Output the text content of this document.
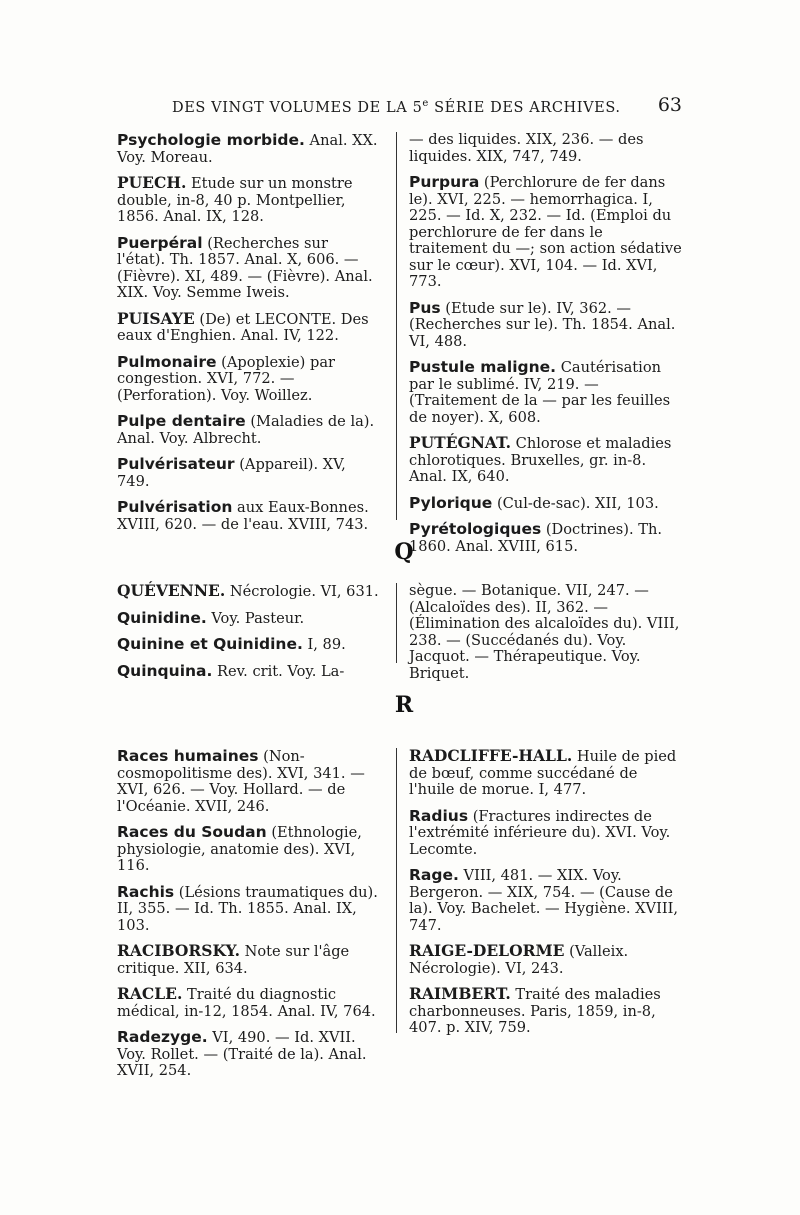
DES VINGT VOLUMES DE LA 5e SÉRIE DES ARCHIVES. 63
Psychologie morbide. Anal. XX. Voy. Moreau.
PUECH. Etude sur un monstre double, in-8, 40 p. Montpellier, 1856. Anal. IX, 128.
Puerpéral (Recherches sur l'état). Th. 1857. Anal. X, 606. — (Fièvre). XI, 489. — (Fièvre). Anal. XIX. Voy. Semme Iweis.
PUISAYE (De) et LECONTE. Des eaux d'Enghien. Anal. IV, 122.
Pulmonaire (Apoplexie) par congestion. XVI, 772. — (Perforation). Voy. Woillez.
Pulpe dentaire (Maladies de la). Anal. Voy. Albrecht.
Pulvérisateur (Appareil). XV, 749.
Pulvérisation aux Eaux-Bonnes. XVIII, 620. — de l'eau. XVIII, 743.
— des liquides. XIX, 236. — des liquides. XIX, 747, 749.
Purpura (Perchlorure de fer dans le). XVI, 225. — hemorrhagica. I, 225. — Id. X, 232. — Id. (Emploi du perchlorure de fer dans le traitement du —; son action sédative sur le cœur). XVI, 104. — Id. XVI, 773.
Pus (Etude sur le). IV, 362. — (Recherches sur le). Th. 1854. Anal. VI, 488.
Pustule maligne. Cautérisation par le sublimé. IV, 219. — (Traitement de la — par les feuilles de noyer). X, 608.
PUTÉGNAT. Chlorose et maladies chlorotiques. Bruxelles, gr. in-8. Anal. IX, 640.
Pylorique (Cul-de-sac). XII, 103.
Pyrétologiques (Doctrines). Th. 1860. Anal. XVIII, 615.
Q
QUÉVENNE. Nécrologie. VI, 631.
Quinidine. Voy. Pasteur.
Quinine et Quinidine. I, 89.
Quinquina. Rev. crit. Voy. La-
sègue. — Botanique. VII, 247. — (Alcaloïdes des). II, 362. — (Élimination des alcaloïdes du). VIII, 238. — (Succédanés du). Voy. Jacquot. — Thérapeutique. Voy. Briquet.
R
Races humaines (Non-cosmopolitisme des). XVI, 341. — XVI, 626. — Voy. Hollard. — de l'Océanie. XVII, 246.
Races du Soudan (Ethnologie, physiologie, anatomie des). XVI, 116.
Rachis (Lésions traumatiques du). II, 355. — Id. Th. 1855. Anal. IX, 103.
RACIBORSKY. Note sur l'âge critique. XII, 634.
RACLE. Traité du diagnostic médical, in-12, 1854. Anal. IV, 764.
Radezyge. VI, 490. — Id. XVII. Voy. Rollet. — (Traité de la). Anal. XVII, 254.
RADCLIFFE-HALL. Huile de pied de bœuf, comme succédané de l'huile de morue. I, 477.
Radius (Fractures indirectes de l'extrémité inférieure du). XVI. Voy. Lecomte.
Rage. VIII, 481. — XIX. Voy. Bergeron. — XIX, 754. — (Cause de la). Voy. Bachelet. — Hygiène. XVIII, 747.
RAIGE-DELORME (Valleix. Nécrologie). VI, 243.
RAIMBERT. Traité des maladies charbonneuses. Paris, 1859, in-8, 407. p. XIV, 759.
